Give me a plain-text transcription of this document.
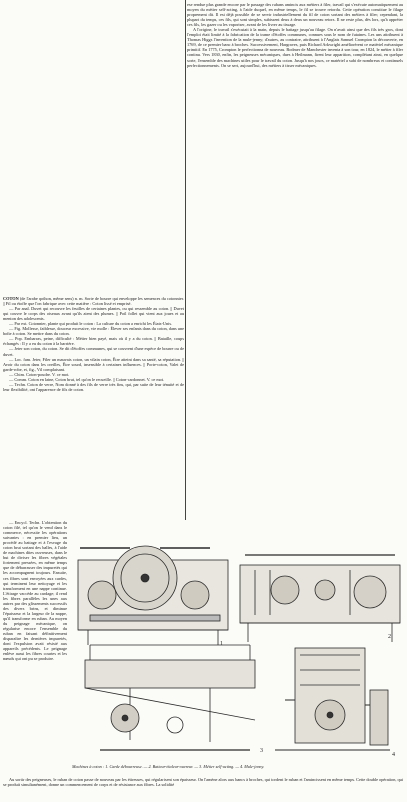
ese rendue plus grande encore par le passage des rubans amincis aux métiers à filer, travail qui s'exécute automatiquement au moyen du métier self-acting, à l'aide duquel, en même temps, le fil se trouve retordu. Cette opération constitue le filage proprement dit. Il est déjà possible de se servir industriellement du fil de coton sortant des métiers à filer; cependant, la plupart du temps, ces fils, qui sont simples, subissent deux à deux un nouveau retors. Il ne reste plus, dès lors, qu'à appréter ces fils, les gazer ou les vaporiser, avant de les livrer au tissage.

A l'origine, le travail s'exécutait à la main, depuis le battage jusqu'au filage. On n'avait ainsi que des fils très gros, dont l'emploi était limité à la fabrication de la trame d'étoffes communes, connues sous le nom de futaines. Les uns attribuent à Thomas Higgs l'invention de la mule-jenny; d'autres, au contraire, attribuent à l'Anglais Samuel Crompton la découverte, en 1769, de ce premier banc à broches. Successivement, Hargraves, puis Richard Arkwright améliorèrent ce matériel mécanique primitif. En 1775, Crompton le perfectionna de nouveau. Bodmer de Manchester inventa à son tour, en 1824, le métier à filer continu. Vers 1830, enfin, les peigneuses mécaniques, dues à Heilmann, firent leur apparition, complétant ainsi, en quelque sorte, l'ensemble des machines utiles pour le travail du coton. Jusqu'à nos jours, ce matériel a subi de nombreux et continuels perfectionnements. On se sert, aujourd'hui, des métiers à tisser mécaniques.

COTON (de l'arabe qothon, même sens) n. m. Sorte de bourre qui enveloppe les semences du cotonnier. || Fil ou étoffe que l'on fabrique avec cette matière : Coton lissé et emprisé.

— Par anal. Duvet qui recouvre les feuilles de certaines plantes, ou qui ressemble au coton. || Duvet qui couvre le corps des oiseaux avant qu'ils aient des plumes. || Poil follet qui vient aux joues et au menton des adolescents.

— Par ext. Cotonnier, plante qui produit le coton : La culture du coton a enrichi les États-Unis.

— Fig. Mollesse, faiblesse, douceur excessive, vie molle : Élever ses enfants dans du coton, dans une boîte à coton. Se mettre dans du coton.

— Pop. Embarras, peine, difficulté : Métier bien payé, mais où il y a du coton. || Bataille, coups échangés : Il y a eu du coton à la barrière.

— Jeter son coton, du coton. Se dit d'étoffes communes, qui se couvrent d'une espèce de bourre ou de duvet.

— Loc. fam. Jeter, Filer un mauvais coton, un vilain coton, Être atteint dans sa santé, sa réputation. || Avoir du coton dans les oreilles, Être sourd, insensible à certaines influences. || Porte-coton, Valet de garde-robe, et, fig., Vil complaisant.

— Chim. Coton-poudre. V. ce mot.

— Comm. Coton en laine, Coton brut, tel qu'on le recueille. || Coton-cardonnet. V. ce mot.

— Techn. Coton de verre, Nom donné à des fils de verre très fins, qui, par suite de leur ténuité et de leur flexibilité, ont l'apparence de fils de coton.

— Encycl. Techn. L'obtention du coton filé, tel qu'on le vend dans le commerce, nécessite les opérations suivantes : en premier lieu, un procédé au battage et à l'esvage du coton brut sortant des balles, à l'aide de machines dites ouvreuses, dans le but de diviser les fibres végétales fortement pressées, en même temps que de débarrasser des impuretés qui les accompagnent toujours. Ensuite, ces fibres sont envoyées aux cardes, qui terminent leur nettoyage et les transforment en une nappe continue. L'étirage vaccède au cardage; il rend les fibres parallèles les unes aux autres par des glissements successifs des divers brins, et diminue l'épaisseur et la largeur de la nappe, qu'il transforme en ruban. Au moyen du peignage mécanique, on régularise encore l'ensemble du ruban en faisant définitivement disparaître les dernières impuretés, dont l'expulsion avait résisté aux appareils précédents. Le peignage enlève aussi les fibres courtes et les nœuds qui ont pu se produire.

1
2
3
4
Machines à coton : 1. Carde débourreuse. — 2. Batteur-étaleur-ouvreur. — 3. Métier self-acting. — 4. Mule-jenny.

Au sortir des peigneuses, le ruban de coton passe de nouveau par les étireuses, qui régularisent son épaisseur. On l'amène alors aux bancs à broches, qui tordent le ruban et l'amincissent en même temps. Cette double opération, qui se produit simultanément, donne un commencement de corps et de résistance aux fibres. La solidité
